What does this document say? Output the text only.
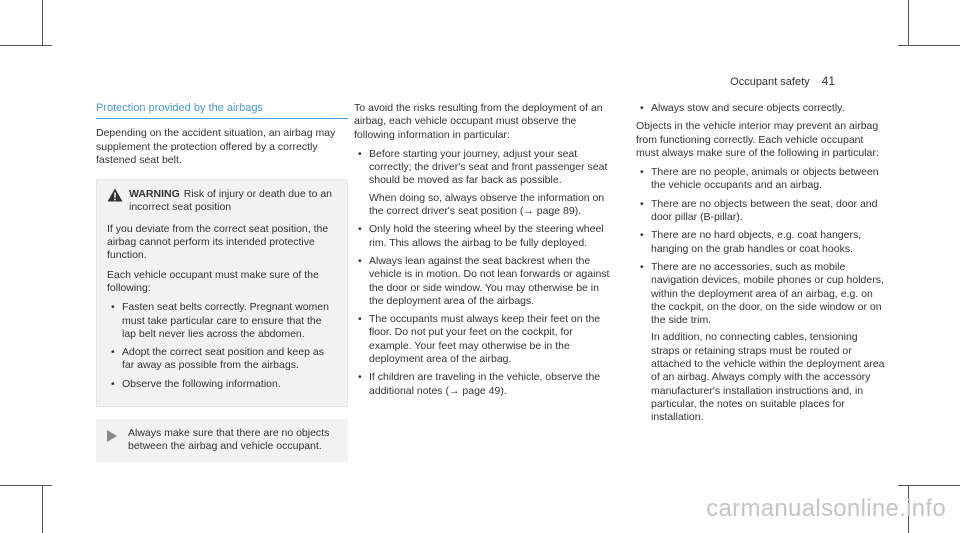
Occupant safety 41
Protection provided by the airbags

Depending on the accident situation, an airbag may supplement the protection offered by a correctly fastened seat belt.

WARNING Risk of injury or death due to an incorrect seat position

If you deviate from the correct seat position, the airbag cannot perform its intended protective function.

Each vehicle occupant must make sure of the following:

• Fasten seat belts correctly. Pregnant women must take particular care to ensure that the lap belt never lies across the abdomen.
• Adopt the correct seat position and keep as far away as possible from the airbags.
• Observe the following information.
Always make sure that there are no objects between the airbag and vehicle occupant.

To avoid the risks resulting from the deployment of an airbag, each vehicle occupant must observe the following information in particular:

• Before starting your journey, adjust your seat correctly; the driver's seat and front passenger seat should be moved as far back as possible.

When doing so, always observe the information on the correct driver's seat position (→ page 89).

• Only hold the steering wheel by the steering wheel rim. This allows the airbag to be fully deployed.
• Always lean against the seat backrest when the vehicle is in motion. Do not lean forwards or against the door or side window. You may otherwise be in the deployment area of the airbags.
• The occupants must always keep their feet on the floor. Do not put your feet on the cockpit, for example. Your feet may otherwise be in the deployment area of the airbag.
• If children are traveling in the vehicle, observe the additional notes (→ page 49).
• Always stow and secure objects correctly.

Objects in the vehicle interior may prevent an airbag from functioning correctly. Each vehicle occupant must always make sure of the following in particular:

• There are no people, animals or objects between the vehicle occupants and an airbag.
• There are no objects between the seat, door and door pillar (B-pillar).
• There are no hard objects, e.g. coat hangers, hanging on the grab handles or coat hooks.

• There are no accessories, such as mobile navigation devices, mobile phones or cup holders, within the deployment area of an airbag, e.g. on the cockpit, on the door, on the side window or on the side trim.

In addition, no connecting cables, tensioning straps or retaining straps must be routed or attached to the vehicle within the deployment area of an airbag. Always comply with the accessory manufacturer's installation instructions and, in particular, the notes on suitable places for installation.

carmanualsonline.info
